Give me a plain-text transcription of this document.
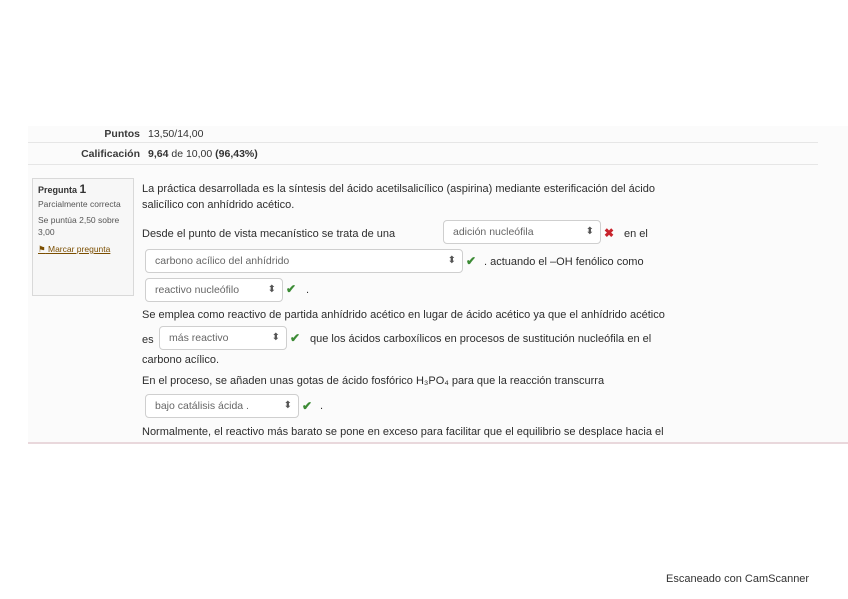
Puntos 13,50/14,00
Calificación 9,64 de 10,00 (96,43%)
Pregunta 1
Parcialmente correcta
Se puntúa 2,50 sobre 3,00
⚑ Marcar pregunta
La práctica desarrollada es la síntesis del ácido acetilsalicílico (aspirina) mediante esterificación del ácido
salicílico con anhídrido acético.
Desde el punto de vista mecanístico se trata de una	adición nucleófila	⬍ ✖ en el
carbono acílico del anhídrido	⬍ ✔ . actuando el –OH fenólico como
reactivo nucleófilo	⬍ ✔ .
Se emplea como reactivo de partida anhídrido acético en lugar de ácido acético ya que el anhídrido acético
es	más reactivo	⬍ ✔ que los ácidos carboxílicos en procesos de sustitución nucleófila en el
carbono acílico.
En el proceso, se añaden unas gotas de ácido fosfórico H₃PO₄ para que la reacción transcurra
bajo catálisis ácida .	⬍ ✔ .
Normalmente, el reactivo más barato se pone en exceso para facilitar que el equilibrio se desplace hacia el
Escaneado con CamScanner
